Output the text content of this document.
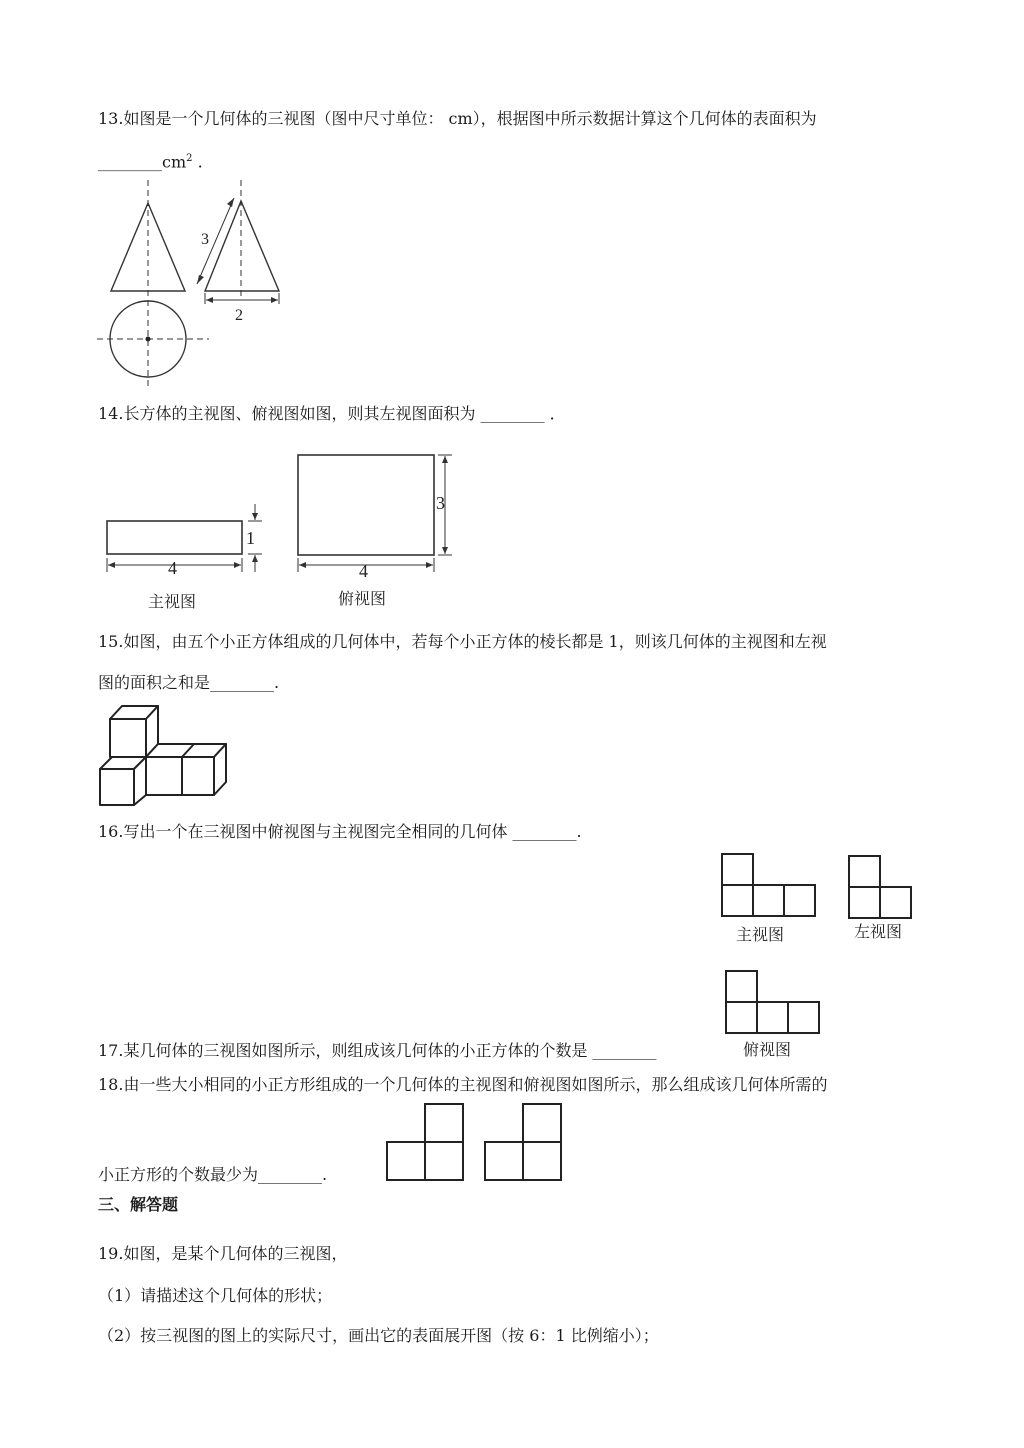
13.如图是一个几何体的三视图（图中尺寸单位： cm），根据图中所示数据计算这个几何体的表面积为
$\_\_\_\_\_\_\_\_cm^2$ .
3
2
14.长方体的主视图、俯视图如图，则其左视图面积为 ________ ．
4
1
主视图
4
3
俯视图
15.如图，由五个小正方体组成的几何体中，若每个小正方体的棱长都是 1，则该几何体的主视图和左视
图的面积之和是________.
16.写出一个在三视图中俯视图与主视图完全相同的几何体 ________.
主视图	左视图
俯视图
17.某几何体的三视图如图所示，则组成该几何体的小正方体的个数是 ________
18.由一些大小相同的小正方形组成的一个几何体的主视图和俯视图如图所示，那么组成该几何体所需的
小正方形的个数最少为________.
三、解答题
19.如图，是某个几何体的三视图，
（1）请描述这个几何体的形状；
（2）按三视图的图上的实际尺寸，画出它的表面展开图（按 6：1 比例缩小）；
